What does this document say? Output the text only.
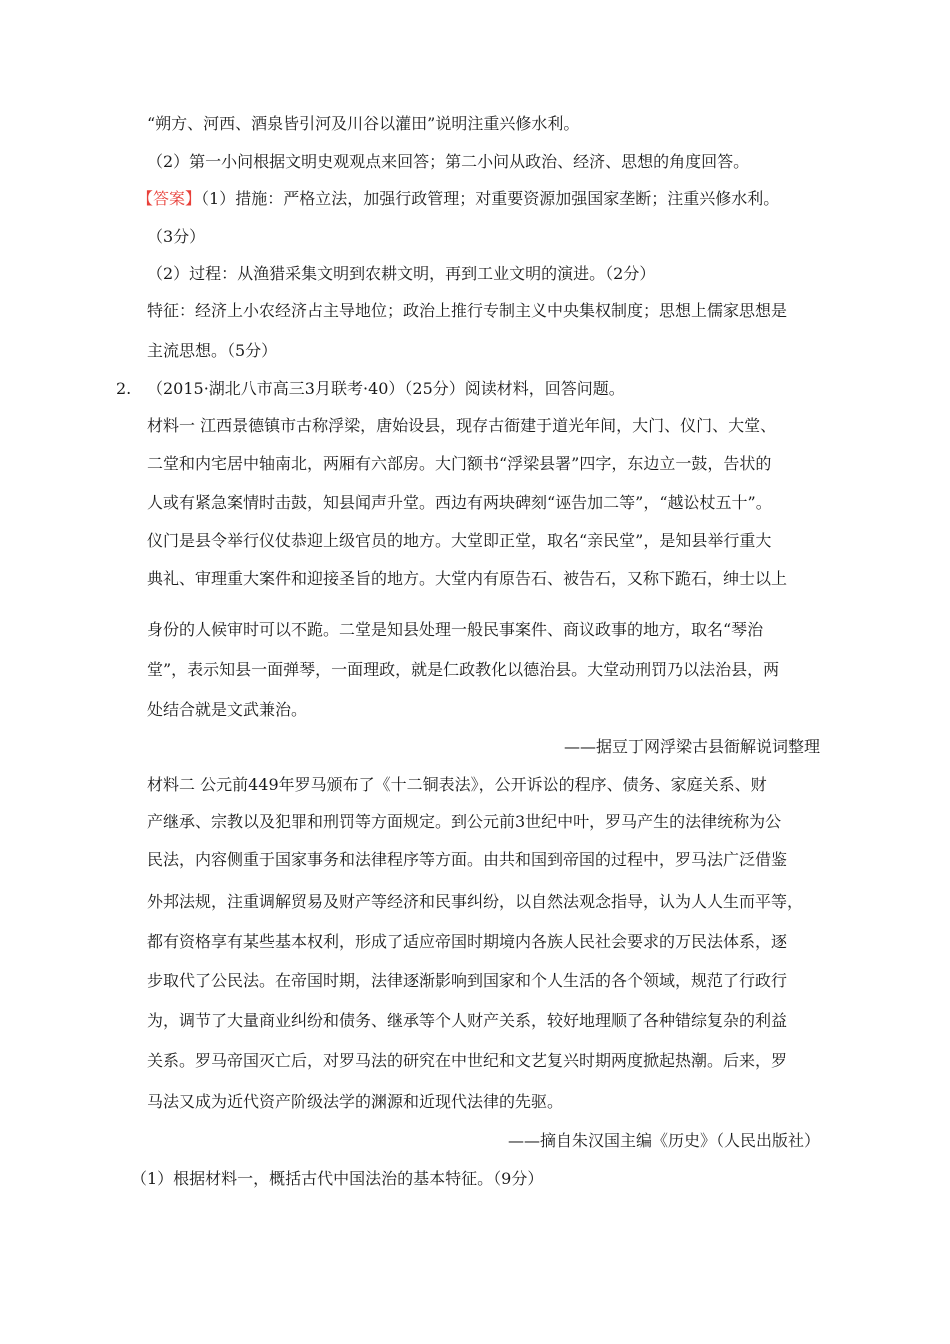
“朔方、河西、酒泉皆引河及川谷以灌田”说明注重兴修水利。
（2）第一小问根据文明史观观点来回答；第二小问从政治、经济、思想的角度回答。
【答案】（1）措施：严格立法，加强行政管理；对重要资源加强国家垄断；注重兴修水利。
（3分）
（2）过程：从渔猎采集文明到农耕文明，再到工业文明的演进。（2分）
特征：经济上小农经济占主导地位；政治上推行专制主义中央集权制度；思想上儒家思想是
主流思想。（5分）
2. （2015·湖北八市高三3月联考·40）（25分）阅读材料，回答问题。
材料一 江西景德镇市古称浮梁，唐始设县，现存古衙建于道光年间，大门、仪门、大堂、
二堂和内宅居中轴南北，两厢有六部房。大门额书“浮梁县署”四字，东边立一鼓，告状的
人或有紧急案情时击鼓，知县闻声升堂。西边有两块碑刻“诬告加二等”，“越讼杖五十”。
仪门是县令举行仪仗恭迎上级官员的地方。大堂即正堂，取名“亲民堂”，是知县举行重大
典礼、审理重大案件和迎接圣旨的地方。大堂内有原告石、被告石，又称下跪石，绅士以上
身份的人候审时可以不跪。二堂是知县处理一般民事案件、商议政事的地方，取名“琴治
堂”，表示知县一面弹琴，一面理政，就是仁政教化以德治县。大堂动刑罚乃以法治县，两
处结合就是文武兼治。
——据豆丁网浮梁古县衙解说词整理
材料二 公元前449年罗马颁布了《十二铜表法》，公开诉讼的程序、债务、家庭关系、财
产继承、宗教以及犯罪和刑罚等方面规定。到公元前3世纪中叶，罗马产生的法律统称为公
民法，内容侧重于国家事务和法律程序等方面。由共和国到帝国的过程中，罗马法广泛借鉴
外邦法规，注重调解贸易及财产等经济和民事纠纷，以自然法观念指导，认为人人生而平等，
都有资格享有某些基本权利，形成了适应帝国时期境内各族人民社会要求的万民法体系，逐
步取代了公民法。在帝国时期，法律逐渐影响到国家和个人生活的各个领域，规范了行政行
为，调节了大量商业纠纷和债务、继承等个人财产关系，较好地理顺了各种错综复杂的利益
关系。罗马帝国灭亡后，对罗马法的研究在中世纪和文艺复兴时期两度掀起热潮。后来，罗
马法又成为近代资产阶级法学的渊源和近现代法律的先驱。
——摘自朱汉国主编《历史》（人民出版社）
（1）根据材料一，概括古代中国法治的基本特征。（9分）
